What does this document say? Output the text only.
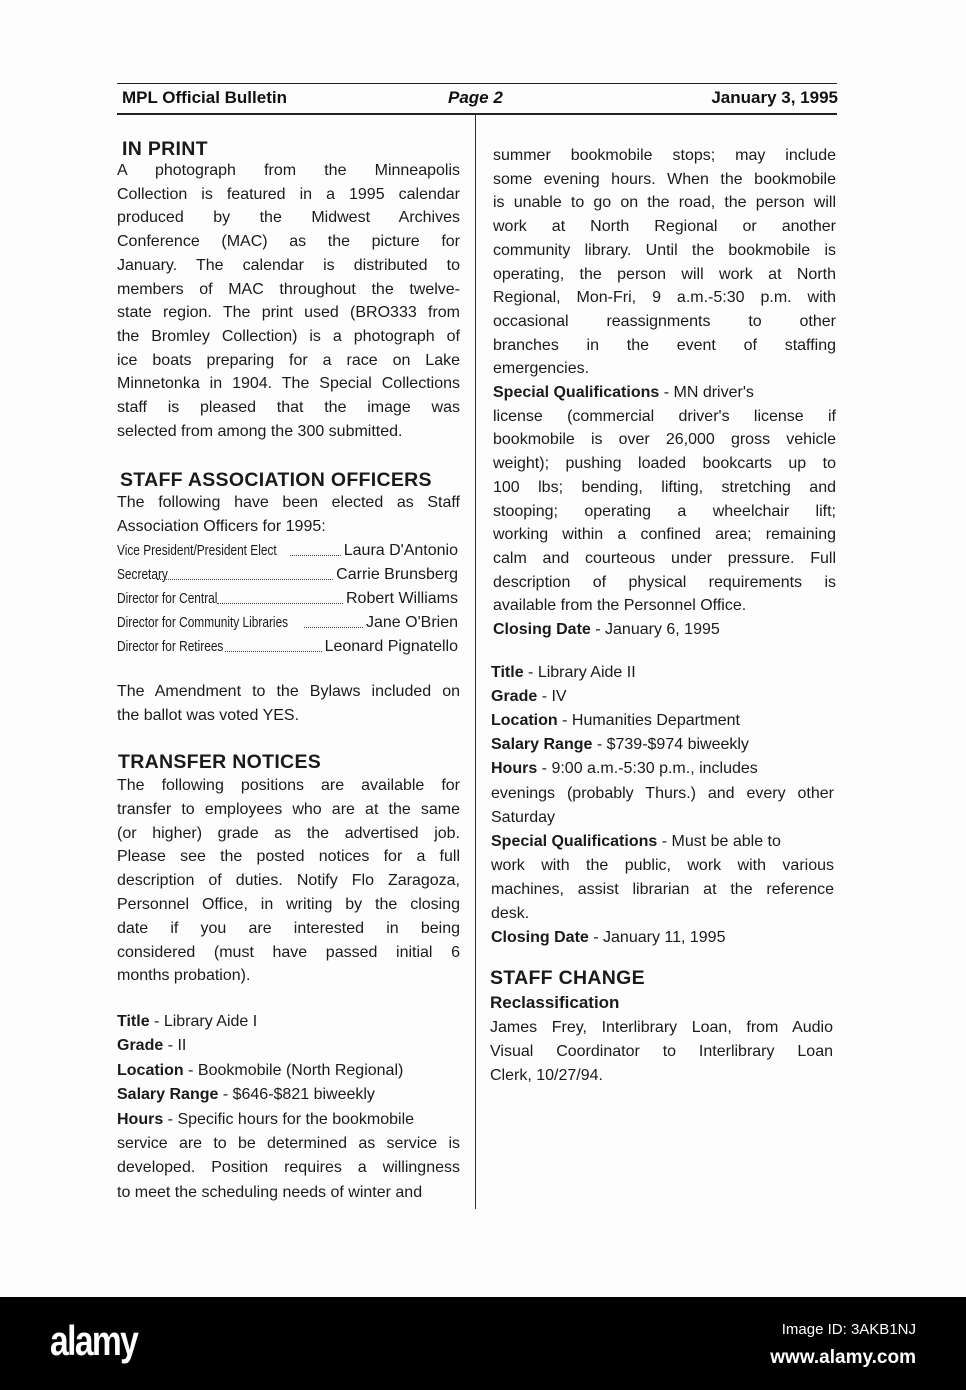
MPL Official Bulletin	Page 2	January 3, 1995
IN PRINT
STAFF ASSOCIATION OFFICERS
TRANSFER NOTICES
STAFF CHANGE
Reclassification
Vice President/President Elect	Laura D'Antonio
Secretary	Carrie Brunsberg
Director for Central	Robert Williams
Director for Community Libraries	Jane O'Brien
Director for Retirees	Leonard Pignatello
A photograph from the Minneapolis
Collection is featured in a 1995 calendar
produced by the Midwest Archives
Conference (MAC) as the picture for
January. The calendar is distributed to
members of MAC throughout the twelve-
state region. The print used (BRO333 from
the Bromley Collection) is a photograph of
ice boats preparing for a race on Lake
Minnetonka in 1904. The Special Collections
staff is pleased that the image was
selected from among the 300 submitted.
The following have been elected as Staff
Association Officers for 1995:
The Amendment to the Bylaws included on
the ballot was voted YES.
The following positions are available for
transfer to employees who are at the same
(or higher) grade as the advertised job.
Please see the posted notices for a full
description of duties. Notify Flo Zaragoza,
Personnel Office, in writing by the closing
date if you are interested in being
considered (must have passed initial 6
months probation).
Title - Library Aide I
Grade - II
Location - Bookmobile (North Regional)
Salary Range - $646-$821 biweekly
Hours - Specific hours for the bookmobile
service are to be determined as service is
developed. Position requires a willingness
to meet the scheduling needs of winter and
summer bookmobile stops; may include
some evening hours. When the bookmobile
is unable to go on the road, the person will
work at North Regional or another
community library. Until the bookmobile is
operating, the person will work at North
Regional, Mon-Fri, 9 a.m.-5:30 p.m. with
occasional reassignments to other
branches in the event of staffing
emergencies.
Special Qualifications - MN driver's
license (commercial driver's license if
bookmobile is over 26,000 gross vehicle
weight); pushing loaded bookcarts up to
100 lbs; bending, lifting, stretching and
stooping; operating a wheelchair lift;
working within a confined area; remaining
calm and courteous under pressure. Full
description of physical requirements is
available from the Personnel Office.
Closing Date - January 6, 1995
Title - Library Aide II
Grade - IV
Location - Humanities Department
Salary Range - $739-$974 biweekly
Hours - 9:00 a.m.-5:30 p.m., includes
evenings (probably Thurs.) and every other
Saturday
Special Qualifications - Must be able to
work with the public, work with various
machines, assist librarian at the reference
desk.
Closing Date - January 11, 1995
James Frey, Interlibrary Loan, from Audio
Visual Coordinator to Interlibrary Loan
Clerk, 10/27/94.
alamy	Image ID: 3AKB1NJ
www.alamy.com
